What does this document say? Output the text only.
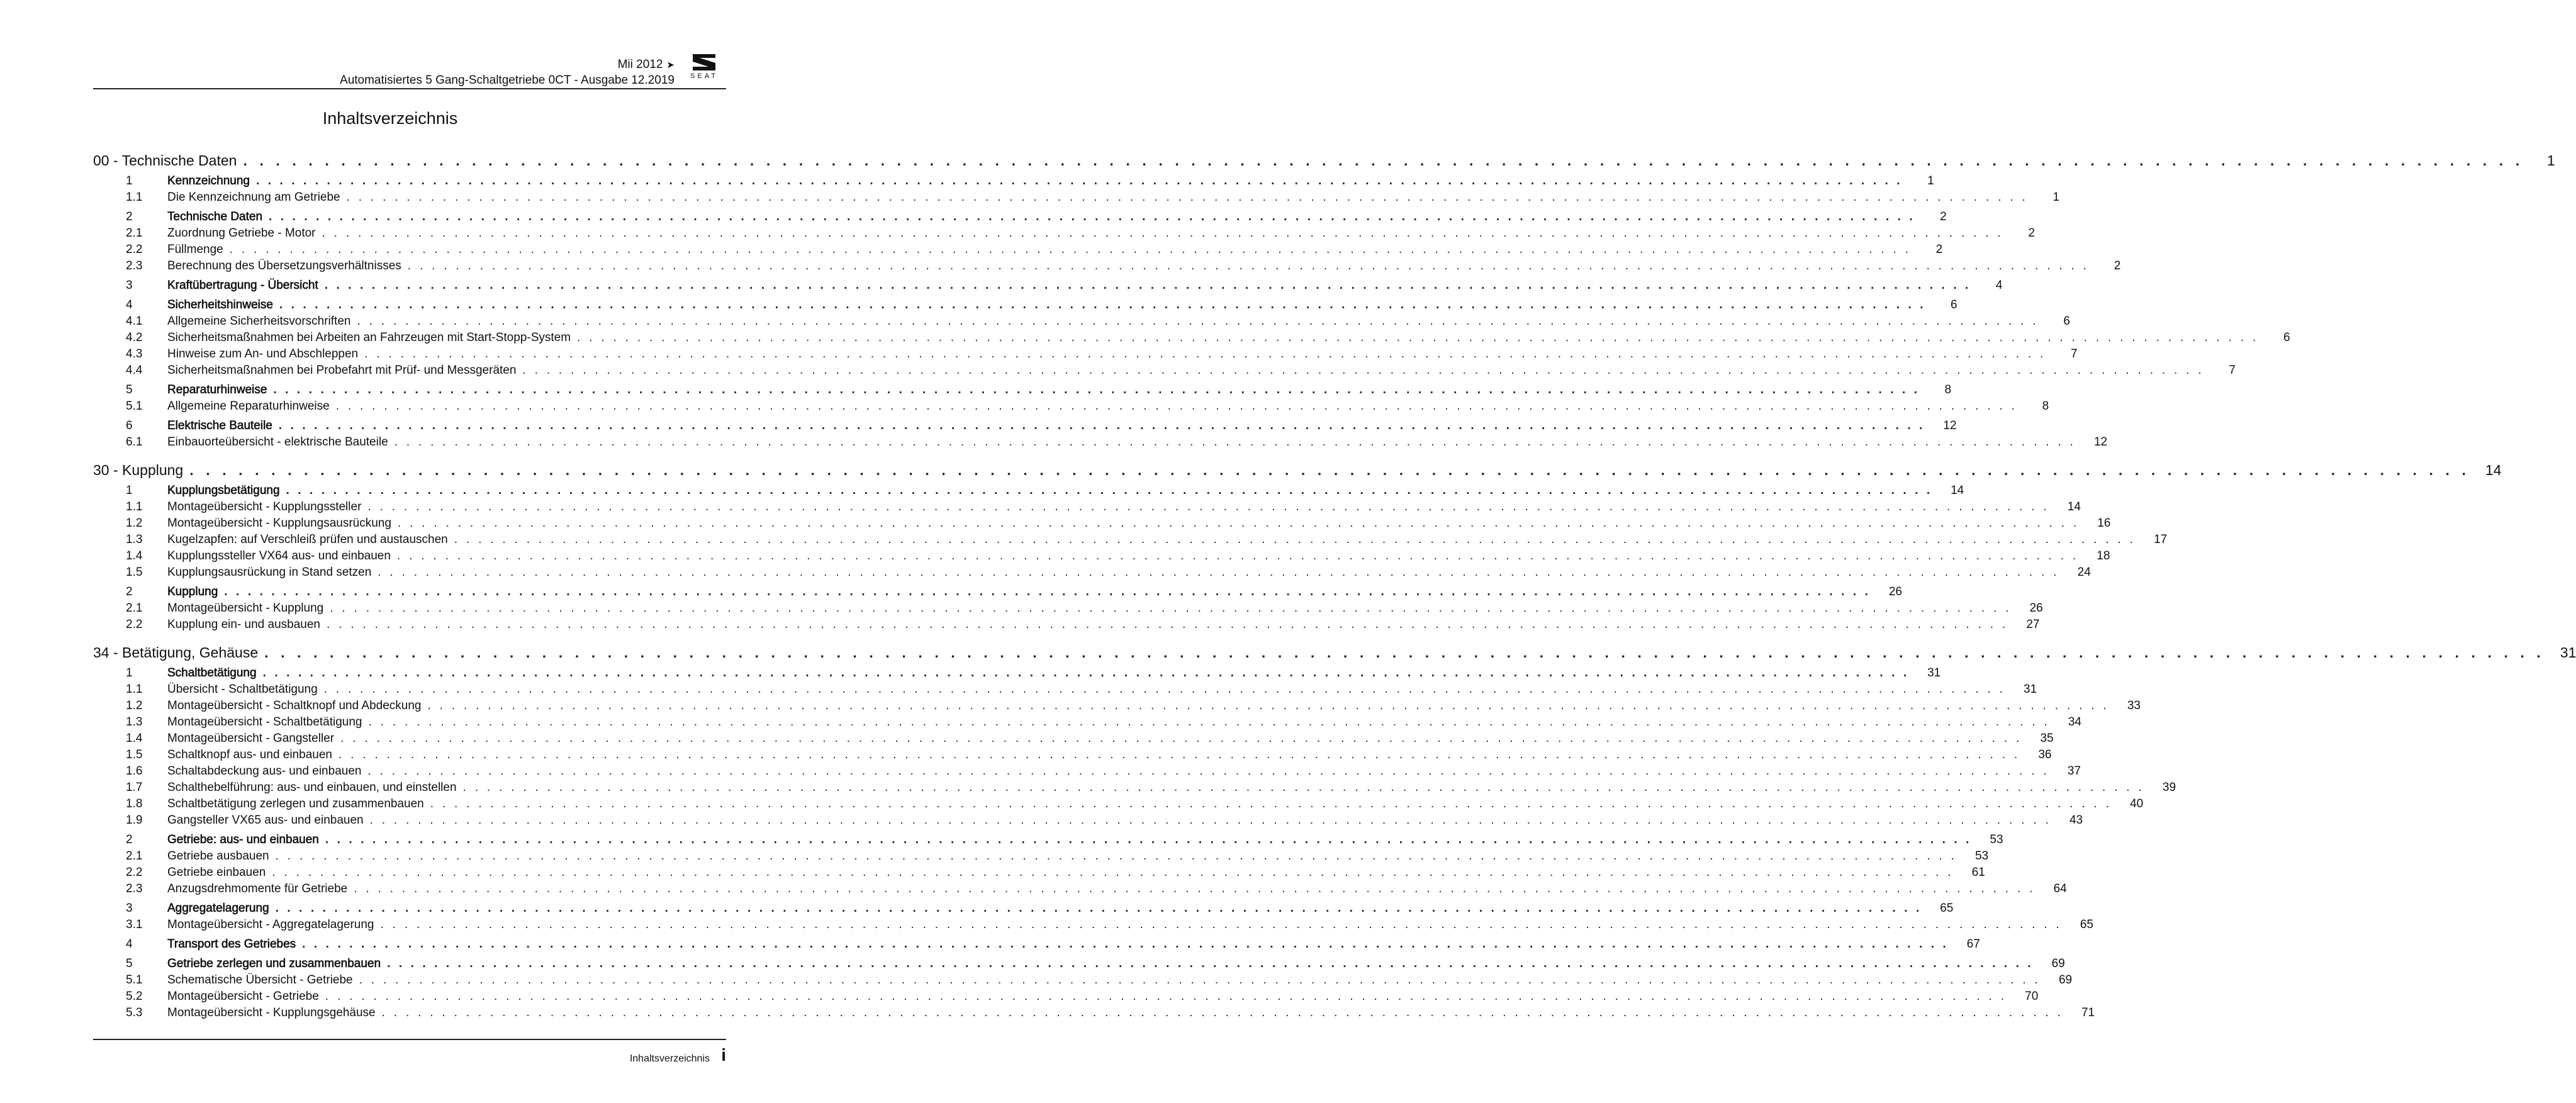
Mii 2012 ➤
Automatisiertes 5 Gang-Schaltgetriebe 0CT - Ausgabe 12.2019 SEAT
Inhaltsverzeichnis
00 - Technische Daten . . . . . . . . . . . . . . . . . . . . . . . . . . . . . . . . . . . . . . . . . . . . . . . . . . . . . . . . . . . . . . . . . . . . . . . . . . . . . . . . . . . . . . . . . . . . . . . . . . . . . . . . . . . . . . . . . . . . . . . . . . . . . . . . . . . . . . . . . . . .	1
1	Kennzeichnung . . . . . . . . . . . . . . . . . . . . . . . . . . . . . . . . . . . . . . . . . . . . . . . . . . . . . . . . . . . . . . . . . . . . . . . . . . . . . . . . . . . . . . . . . . . . . . . . . . . . . . . . . . . . . . . . . . . . . . . . . . . . . . . . . . . . . . . . . . . .	1
1.1	Die Kennzeichnung am Getriebe . . . . . . . . . . . . . . . . . . . . . . . . . . . . . . . . . . . . . . . . . . . . . . . . . . . . . . . . . . . . . . . . . . . . . . . . . . . . . . . . . . . . . . . . . . . . . . . . . . . . . . . . . . . . . . . . . . . . . . . . . . . . . . . . . . . . . . . . . . . .	1
2	Technische Daten . . . . . . . . . . . . . . . . . . . . . . . . . . . . . . . . . . . . . . . . . . . . . . . . . . . . . . . . . . . . . . . . . . . . . . . . . . . . . . . . . . . . . . . . . . . . . . . . . . . . . . . . . . . . . . . . . . . . . . . . . . . . . . . . . . . . . . . . . . . .	2
2.1	Zuordnung Getriebe - Motor . . . . . . . . . . . . . . . . . . . . . . . . . . . . . . . . . . . . . . . . . . . . . . . . . . . . . . . . . . . . . . . . . . . . . . . . . . . . . . . . . . . . . . . . . . . . . . . . . . . . . . . . . . . . . . . . . . . . . . . . . . . . . . . . . . . . . . . . . . . .	2
2.2	Füllmenge . . . . . . . . . . . . . . . . . . . . . . . . . . . . . . . . . . . . . . . . . . . . . . . . . . . . . . . . . . . . . . . . . . . . . . . . . . . . . . . . . . . . . . . . . . . . . . . . . . . . . . . . . . . . . . . . . . . . . . . . . . . . . . . . . . . . . . . . . . . .	2
2.3	Berechnung des Übersetzungsverhältnisses . . . . . . . . . . . . . . . . . . . . . . . . . . . . . . . . . . . . . . . . . . . . . . . . . . . . . . . . . . . . . . . . . . . . . . . . . . . . . . . . . . . . . . . . . . . . . . . . . . . . . . . . . . . . . . . . . . . . . . . . . . . . . . . . . . . . . . . . . . . .	2
3	Kraftübertragung - Übersicht . . . . . . . . . . . . . . . . . . . . . . . . . . . . . . . . . . . . . . . . . . . . . . . . . . . . . . . . . . . . . . . . . . . . . . . . . . . . . . . . . . . . . . . . . . . . . . . . . . . . . . . . . . . . . . . . . . . . . . . . . . . . . . . . . . . . . . . . . . . .	4
4	Sicherheitshinweise . . . . . . . . . . . . . . . . . . . . . . . . . . . . . . . . . . . . . . . . . . . . . . . . . . . . . . . . . . . . . . . . . . . . . . . . . . . . . . . . . . . . . . . . . . . . . . . . . . . . . . . . . . . . . . . . . . . . . . . . . . . . . . . . . . . . . . . . . . . .	6
4.1	Allgemeine Sicherheitsvorschriften . . . . . . . . . . . . . . . . . . . . . . . . . . . . . . . . . . . . . . . . . . . . . . . . . . . . . . . . . . . . . . . . . . . . . . . . . . . . . . . . . . . . . . . . . . . . . . . . . . . . . . . . . . . . . . . . . . . . . . . . . . . . . . . . . . . . . . . . . . . .	6
4.2	Sicherheitsmaßnahmen bei Arbeiten an Fahrzeugen mit Start-Stopp-System . . . . . . . . . . . . . . . . . . . . . . . . . . . . . . . . . . . . . . . . . . . . . . . . . . . . . . . . . . . . . . . . . . . . . . . . . . . . . . . . . . . . . . . . . . . . . . . . . . . . . . . . . . . . . . . . . . . . . . . . . . . . . . . . . . . . . . . . . . . .	6
4.3	Hinweise zum An- und Abschleppen . . . . . . . . . . . . . . . . . . . . . . . . . . . . . . . . . . . . . . . . . . . . . . . . . . . . . . . . . . . . . . . . . . . . . . . . . . . . . . . . . . . . . . . . . . . . . . . . . . . . . . . . . . . . . . . . . . . . . . . . . . . . . . . . . . . . . . . . . . . .	7
4.4	Sicherheitsmaßnahmen bei Probefahrt mit Prüf- und Messgeräten . . . . . . . . . . . . . . . . . . . . . . . . . . . . . . . . . . . . . . . . . . . . . . . . . . . . . . . . . . . . . . . . . . . . . . . . . . . . . . . . . . . . . . . . . . . . . . . . . . . . . . . . . . . . . . . . . . . . . . . . . . . . . . . . . . . . . . . . . . . .	7
5	Reparaturhinweise . . . . . . . . . . . . . . . . . . . . . . . . . . . . . . . . . . . . . . . . . . . . . . . . . . . . . . . . . . . . . . . . . . . . . . . . . . . . . . . . . . . . . . . . . . . . . . . . . . . . . . . . . . . . . . . . . . . . . . . . . . . . . . . . . . . . . . . . . . . .	8
5.1	Allgemeine Reparaturhinweise . . . . . . . . . . . . . . . . . . . . . . . . . . . . . . . . . . . . . . . . . . . . . . . . . . . . . . . . . . . . . . . . . . . . . . . . . . . . . . . . . . . . . . . . . . . . . . . . . . . . . . . . . . . . . . . . . . . . . . . . . . . . . . . . . . . . . . . . . . . .	8
6	Elektrische Bauteile . . . . . . . . . . . . . . . . . . . . . . . . . . . . . . . . . . . . . . . . . . . . . . . . . . . . . . . . . . . . . . . . . . . . . . . . . . . . . . . . . . . . . . . . . . . . . . . . . . . . . . . . . . . . . . . . . . . . . . . . . . . . . . . . . . . . . . . . . . . .	12
6.1	Einbauorteübersicht - elektrische Bauteile . . . . . . . . . . . . . . . . . . . . . . . . . . . . . . . . . . . . . . . . . . . . . . . . . . . . . . . . . . . . . . . . . . . . . . . . . . . . . . . . . . . . . . . . . . . . . . . . . . . . . . . . . . . . . . . . . . . . . . . . . . . . . . . . . . . . . . . . . . . .	12
30 - Kupplung . . . . . . . . . . . . . . . . . . . . . . . . . . . . . . . . . . . . . . . . . . . . . . . . . . . . . . . . . . . . . . . . . . . . . . . . . . . . . . . . . . . . . . . . . . . . . . . . . . . . . . . . . . . . . . . . . . . . . . . . . . . . . . . . . . . . . . . . . . . .	14
1	Kupplungsbetätigung . . . . . . . . . . . . . . . . . . . . . . . . . . . . . . . . . . . . . . . . . . . . . . . . . . . . . . . . . . . . . . . . . . . . . . . . . . . . . . . . . . . . . . . . . . . . . . . . . . . . . . . . . . . . . . . . . . . . . . . . . . . . . . . . . . . . . . . . . . . .	14
1.1	Montageübersicht - Kupplungssteller . . . . . . . . . . . . . . . . . . . . . . . . . . . . . . . . . . . . . . . . . . . . . . . . . . . . . . . . . . . . . . . . . . . . . . . . . . . . . . . . . . . . . . . . . . . . . . . . . . . . . . . . . . . . . . . . . . . . . . . . . . . . . . . . . . . . . . . . . . . .	14
1.2	Montageübersicht - Kupplungsausrückung . . . . . . . . . . . . . . . . . . . . . . . . . . . . . . . . . . . . . . . . . . . . . . . . . . . . . . . . . . . . . . . . . . . . . . . . . . . . . . . . . . . . . . . . . . . . . . . . . . . . . . . . . . . . . . . . . . . . . . . . . . . . . . . . . . . . . . . . . . . .	16
1.3	Kugelzapfen: auf Verschleiß prüfen und austauschen . . . . . . . . . . . . . . . . . . . . . . . . . . . . . . . . . . . . . . . . . . . . . . . . . . . . . . . . . . . . . . . . . . . . . . . . . . . . . . . . . . . . . . . . . . . . . . . . . . . . . . . . . . . . . . . . . . . . . . . . . . . . . . . . . . . . . . . . . . . .	17
1.4	Kupplungssteller VX64 aus- und einbauen . . . . . . . . . . . . . . . . . . . . . . . . . . . . . . . . . . . . . . . . . . . . . . . . . . . . . . . . . . . . . . . . . . . . . . . . . . . . . . . . . . . . . . . . . . . . . . . . . . . . . . . . . . . . . . . . . . . . . . . . . . . . . . . . . . . . . . . . . . . .	18
1.5	Kupplungsausrückung in Stand setzen . . . . . . . . . . . . . . . . . . . . . . . . . . . . . . . . . . . . . . . . . . . . . . . . . . . . . . . . . . . . . . . . . . . . . . . . . . . . . . . . . . . . . . . . . . . . . . . . . . . . . . . . . . . . . . . . . . . . . . . . . . . . . . . . . . . . . . . . . . . .	24
2	Kupplung . . . . . . . . . . . . . . . . . . . . . . . . . . . . . . . . . . . . . . . . . . . . . . . . . . . . . . . . . . . . . . . . . . . . . . . . . . . . . . . . . . . . . . . . . . . . . . . . . . . . . . . . . . . . . . . . . . . . . . . . . . . . . . . . . . . . . . . . . . . .	26
2.1	Montageübersicht - Kupplung . . . . . . . . . . . . . . . . . . . . . . . . . . . . . . . . . . . . . . . . . . . . . . . . . . . . . . . . . . . . . . . . . . . . . . . . . . . . . . . . . . . . . . . . . . . . . . . . . . . . . . . . . . . . . . . . . . . . . . . . . . . . . . . . . . . . . . . . . . . .	26
2.2	Kupplung ein- und ausbauen . . . . . . . . . . . . . . . . . . . . . . . . . . . . . . . . . . . . . . . . . . . . . . . . . . . . . . . . . . . . . . . . . . . . . . . . . . . . . . . . . . . . . . . . . . . . . . . . . . . . . . . . . . . . . . . . . . . . . . . . . . . . . . . . . . . . . . . . . . . .	27
34 - Betätigung, Gehäuse . . . . . . . . . . . . . . . . . . . . . . . . . . . . . . . . . . . . . . . . . . . . . . . . . . . . . . . . . . . . . . . . . . . . . . . . . . . . . . . . . . . . . . . . . . . . . . . . . . . . . . . . . . . . . . . . . . . . . . . . . . . . . . . . . . . . . . . . . . . .	31
1	Schaltbetätigung . . . . . . . . . . . . . . . . . . . . . . . . . . . . . . . . . . . . . . . . . . . . . . . . . . . . . . . . . . . . . . . . . . . . . . . . . . . . . . . . . . . . . . . . . . . . . . . . . . . . . . . . . . . . . . . . . . . . . . . . . . . . . . . . . . . . . . . . . . . .	31
1.1	Übersicht - Schaltbetätigung . . . . . . . . . . . . . . . . . . . . . . . . . . . . . . . . . . . . . . . . . . . . . . . . . . . . . . . . . . . . . . . . . . . . . . . . . . . . . . . . . . . . . . . . . . . . . . . . . . . . . . . . . . . . . . . . . . . . . . . . . . . . . . . . . . . . . . . . . . . .	31
1.2	Montageübersicht - Schaltknopf und Abdeckung . . . . . . . . . . . . . . . . . . . . . . . . . . . . . . . . . . . . . . . . . . . . . . . . . . . . . . . . . . . . . . . . . . . . . . . . . . . . . . . . . . . . . . . . . . . . . . . . . . . . . . . . . . . . . . . . . . . . . . . . . . . . . . . . . . . . . . . . . . . .	33
1.3	Montageübersicht - Schaltbetätigung . . . . . . . . . . . . . . . . . . . . . . . . . . . . . . . . . . . . . . . . . . . . . . . . . . . . . . . . . . . . . . . . . . . . . . . . . . . . . . . . . . . . . . . . . . . . . . . . . . . . . . . . . . . . . . . . . . . . . . . . . . . . . . . . . . . . . . . . . . . .	34
1.4	Montageübersicht - Gangsteller . . . . . . . . . . . . . . . . . . . . . . . . . . . . . . . . . . . . . . . . . . . . . . . . . . . . . . . . . . . . . . . . . . . . . . . . . . . . . . . . . . . . . . . . . . . . . . . . . . . . . . . . . . . . . . . . . . . . . . . . . . . . . . . . . . . . . . . . . . . .	35
1.5	Schaltknopf aus- und einbauen . . . . . . . . . . . . . . . . . . . . . . . . . . . . . . . . . . . . . . . . . . . . . . . . . . . . . . . . . . . . . . . . . . . . . . . . . . . . . . . . . . . . . . . . . . . . . . . . . . . . . . . . . . . . . . . . . . . . . . . . . . . . . . . . . . . . . . . . . . . .	36
1.6	Schaltabdeckung aus- und einbauen . . . . . . . . . . . . . . . . . . . . . . . . . . . . . . . . . . . . . . . . . . . . . . . . . . . . . . . . . . . . . . . . . . . . . . . . . . . . . . . . . . . . . . . . . . . . . . . . . . . . . . . . . . . . . . . . . . . . . . . . . . . . . . . . . . . . . . . . . . . .	37
1.7	Schalthebelführung: aus- und einbauen, und einstellen . . . . . . . . . . . . . . . . . . . . . . . . . . . . . . . . . . . . . . . . . . . . . . . . . . . . . . . . . . . . . . . . . . . . . . . . . . . . . . . . . . . . . . . . . . . . . . . . . . . . . . . . . . . . . . . . . . . . . . . . . . . . . . . . . . . . . . . . . . . .	39
1.8	Schaltbetätigung zerlegen und zusammenbauen . . . . . . . . . . . . . . . . . . . . . . . . . . . . . . . . . . . . . . . . . . . . . . . . . . . . . . . . . . . . . . . . . . . . . . . . . . . . . . . . . . . . . . . . . . . . . . . . . . . . . . . . . . . . . . . . . . . . . . . . . . . . . . . . . . . . . . . . . . . .	40
1.9	Gangsteller VX65 aus- und einbauen . . . . . . . . . . . . . . . . . . . . . . . . . . . . . . . . . . . . . . . . . . . . . . . . . . . . . . . . . . . . . . . . . . . . . . . . . . . . . . . . . . . . . . . . . . . . . . . . . . . . . . . . . . . . . . . . . . . . . . . . . . . . . . . . . . . . . . . . . . . .	43
2	Getriebe: aus- und einbauen . . . . . . . . . . . . . . . . . . . . . . . . . . . . . . . . . . . . . . . . . . . . . . . . . . . . . . . . . . . . . . . . . . . . . . . . . . . . . . . . . . . . . . . . . . . . . . . . . . . . . . . . . . . . . . . . . . . . . . . . . . . . . . . . . . . . . . . . . . . .	53
2.1	Getriebe ausbauen . . . . . . . . . . . . . . . . . . . . . . . . . . . . . . . . . . . . . . . . . . . . . . . . . . . . . . . . . . . . . . . . . . . . . . . . . . . . . . . . . . . . . . . . . . . . . . . . . . . . . . . . . . . . . . . . . . . . . . . . . . . . . . . . . . . . . . . . . . . .	53
2.2	Getriebe einbauen . . . . . . . . . . . . . . . . . . . . . . . . . . . . . . . . . . . . . . . . . . . . . . . . . . . . . . . . . . . . . . . . . . . . . . . . . . . . . . . . . . . . . . . . . . . . . . . . . . . . . . . . . . . . . . . . . . . . . . . . . . . . . . . . . . . . . . . . . . . .	61
2.3	Anzugsdrehmomente für Getriebe . . . . . . . . . . . . . . . . . . . . . . . . . . . . . . . . . . . . . . . . . . . . . . . . . . . . . . . . . . . . . . . . . . . . . . . . . . . . . . . . . . . . . . . . . . . . . . . . . . . . . . . . . . . . . . . . . . . . . . . . . . . . . . . . . . . . . . . . . . . .	64
3	Aggregatelagerung . . . . . . . . . . . . . . . . . . . . . . . . . . . . . . . . . . . . . . . . . . . . . . . . . . . . . . . . . . . . . . . . . . . . . . . . . . . . . . . . . . . . . . . . . . . . . . . . . . . . . . . . . . . . . . . . . . . . . . . . . . . . . . . . . . . . . . . . . . . .	65
3.1	Montageübersicht - Aggregatelagerung . . . . . . . . . . . . . . . . . . . . . . . . . . . . . . . . . . . . . . . . . . . . . . . . . . . . . . . . . . . . . . . . . . . . . . . . . . . . . . . . . . . . . . . . . . . . . . . . . . . . . . . . . . . . . . . . . . . . . . . . . . . . . . . . . . . . . . . . . . . .	65
4	Transport des Getriebes . . . . . . . . . . . . . . . . . . . . . . . . . . . . . . . . . . . . . . . . . . . . . . . . . . . . . . . . . . . . . . . . . . . . . . . . . . . . . . . . . . . . . . . . . . . . . . . . . . . . . . . . . . . . . . . . . . . . . . . . . . . . . . . . . . . . . . . . . . . .	67
5	Getriebe zerlegen und zusammenbauen . . . . . . . . . . . . . . . . . . . . . . . . . . . . . . . . . . . . . . . . . . . . . . . . . . . . . . . . . . . . . . . . . . . . . . . . . . . . . . . . . . . . . . . . . . . . . . . . . . . . . . . . . . . . . . . . . . . . . . . . . . . . . . . . . . . . . . . . . . . .	69
5.1	Schematische Übersicht - Getriebe . . . . . . . . . . . . . . . . . . . . . . . . . . . . . . . . . . . . . . . . . . . . . . . . . . . . . . . . . . . . . . . . . . . . . . . . . . . . . . . . . . . . . . . . . . . . . . . . . . . . . . . . . . . . . . . . . . . . . . . . . . . . . . . . . . . . . . . . . . . .	69
5.2	Montageübersicht - Getriebe . . . . . . . . . . . . . . . . . . . . . . . . . . . . . . . . . . . . . . . . . . . . . . . . . . . . . . . . . . . . . . . . . . . . . . . . . . . . . . . . . . . . . . . . . . . . . . . . . . . . . . . . . . . . . . . . . . . . . . . . . . . . . . . . . . . . . . . . . . . .	70
5.3	Montageübersicht - Kupplungsgehäuse . . . . . . . . . . . . . . . . . . . . . . . . . . . . . . . . . . . . . . . . . . . . . . . . . . . . . . . . . . . . . . . . . . . . . . . . . . . . . . . . . . . . . . . . . . . . . . . . . . . . . . . . . . . . . . . . . . . . . . . . . . . . . . . . . . . . . . . . . . . .	71
Inhaltsverzeichnis i
